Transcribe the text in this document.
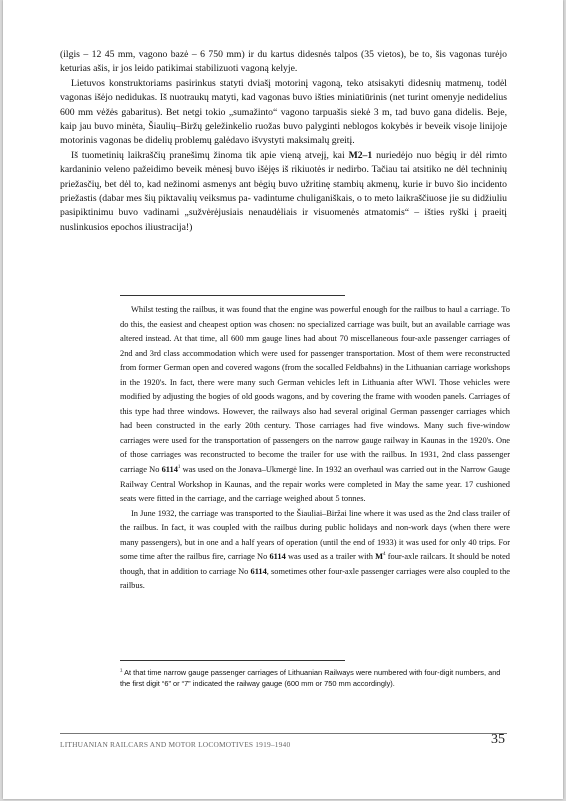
(ilgis – 12 45 mm, vagono bazė – 6 750 mm) ir du kartus didesnės talpos (35 vietos), be to, šis vagonas turėjo keturias ašis, ir jos leido patikimai stabilizuoti vagoną kelyje.

Lietuvos konstruktoriams pasirinkus statyti dviašį motorinį vagoną, teko atsisakyti didesnių matmenų, todėl vagonas išėjo nedidukas. Iš nuotraukų matyti, kad vagonas buvo išties miniatiūrinis (net turint omenyje nedidelius 600 mm vėžės gabaritus). Bet netgi tokio „sumažinto“ vagono tarpuašis siekė 3 m, tad buvo gana didelis. Beje, kaip jau buvo minėta, Šiaulių–Biržų geležinkelio ruožas buvo palyginti neblogos kokybės ir beveik visoje linijoje motorinis vagonas be didelių problemų galėdavo išvystyti maksimalų greitį.

Iš tuometinių laikraščių pranešimų žinoma tik apie vieną atvejį, kai M2–1 nuriedėjo nuo bėgių ir dėl rimto kardaninio veleno pažeidimo beveik mėnesį buvo išėjęs iš rikiuotės ir nedirbo. Tačiau tai atsitiko ne dėl techninių priežasčių, bet dėl to, kad nežinomi asmenys ant bėgių buvo užritinę stambių akmenų, kurie ir buvo šio incidento priežastis (dabar mes šių piktavalių veiksmus pa- vadintume chuliganiškais, o to meto laikraščiuose jie su didžiuliu pasipiktinimu buvo vadinami „sužvėrėjusiais nenaudėliais ir visuomenės atmatomis“ – išties ryški į praeitį nuslinkusios epochos iliustracija!)

Whilst testing the railbus, it was found that the engine was powerful enough for the railbus to haul a carriage. To do this, the easiest and cheapest option was chosen: no specialized carriage was built, but an available carriage was altered instead. At that time, all 600 mm gauge lines had about 70 miscellaneous four-axle passenger carriages of 2nd and 3rd class accommodation which were used for passenger transportation. Most of them were reconstructed from former German open and covered wagons (from the socalled Feldbahns) in the Lithuanian carriage workshops in the 1920's. In fact, there were many such German vehicles left in Lithuania after WWI. Those vehicles were modified by adjusting the bogies of old goods wagons, and by covering the frame with wooden panels. Carriages of this type had three windows. However, the railways also had several original German passenger carriages which had been constructed in the early 20th century. Those carriages had five windows. Many such five-window carriages were used for the transportation of passengers on the narrow gauge railway in Kaunas in the 1920's. One of those carriages was reconstructed to become the trailer for use with the railbus. In 1931, 2nd class passenger carriage No 6114$^1$ was used on the Jonava–Ukmergė line. In 1932 an overhaul was carried out in the Narrow Gauge Railway Central Workshop in Kaunas, and the repair works were completed in May the same year. 17 cushioned seats were fitted in the carriage, and the carriage weighed about 5 tonnes.

In June 1932, the carriage was transported to the Šiauliai–Biržai line where it was used as the 2nd class trailer of the railbus. In fact, it was coupled with the railbus during public holidays and non-work days (when there were many passengers), but in one and a half years of operation (until the end of 1933) it was used for only 40 trips. For some time after the railbus fire, carriage No 6114 was used as a trailer with $M^4$ four-axle railcars. It should be noted though, that in addition to carriage No 6114, sometimes other four-axle passenger carriages were also coupled to the railbus.

$^1$ At that time narrow gauge passenger carriages of Lithuanian Railways were numbered with four-digit numbers, and the first digit “6” or “7” indicated the railway gauge (600 mm or 750 mm accordingly).

LITHUANIAN RAILCARS AND MOTOR LOCOMOTIVES 1919–1940	35
